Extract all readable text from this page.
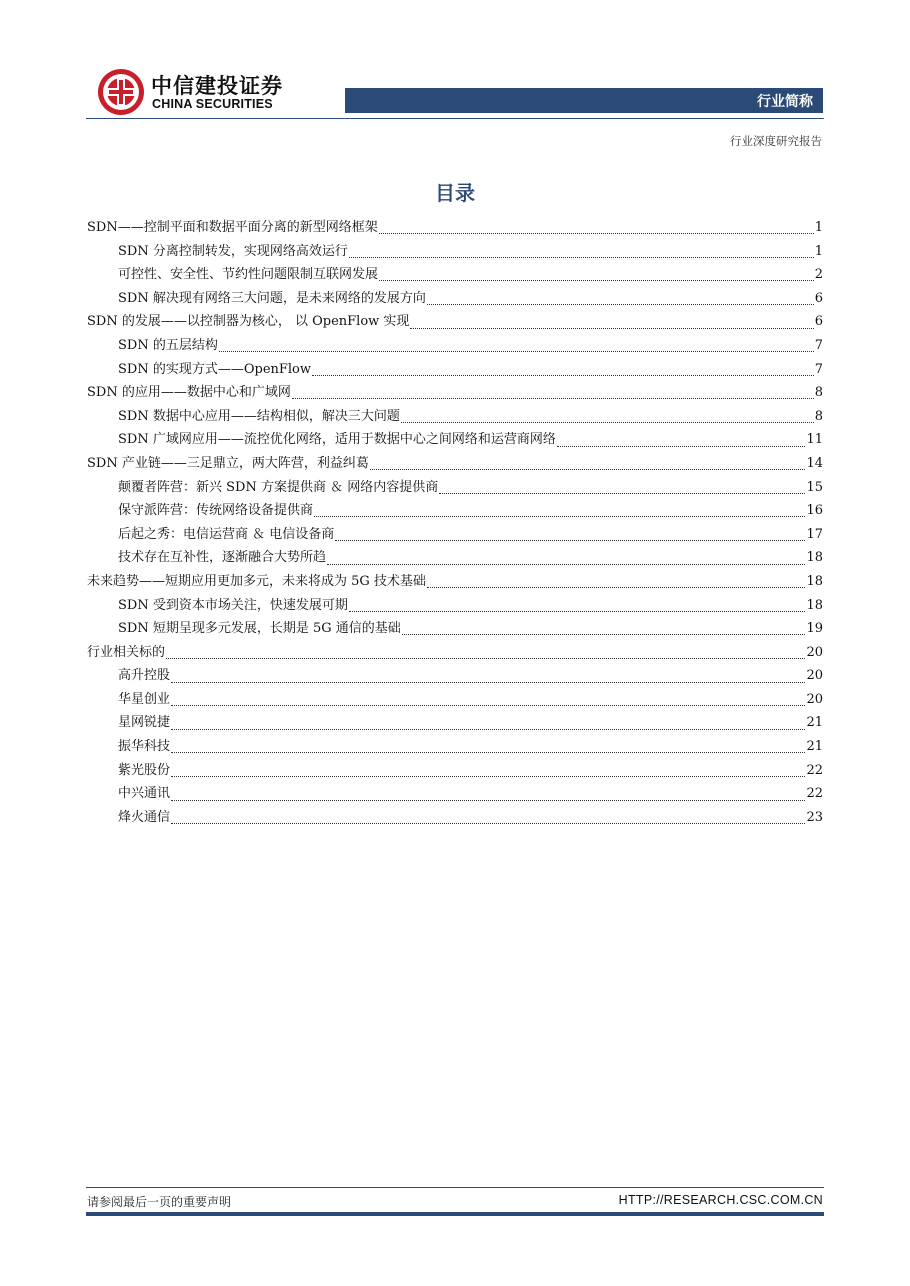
中信建投证券
CHINA SECURITIES	行业简称
行业深度研究报告
目录
SDN——控制平面和数据平面分离的新型网络框架	1
SDN 分离控制转发，实现网络高效运行	1
可控性、安全性、节约性问题限制互联网发展	2
SDN 解决现有网络三大问题，是未来网络的发展方向	6
SDN 的发展——以控制器为核心， 以 OpenFlow 实现	6
SDN 的五层结构	7
SDN 的实现方式——OpenFlow	7
SDN 的应用——数据中心和广域网	8
SDN 数据中心应用——结构相似，解决三大问题	8
SDN 广域网应用——流控优化网络，适用于数据中心之间网络和运营商网络	11
SDN 产业链——三足鼎立，两大阵营，利益纠葛	14
颠覆者阵营：新兴 SDN 方案提供商 ＆ 网络内容提供商	15
保守派阵营：传统网络设备提供商	16
后起之秀：电信运营商 ＆ 电信设备商	17
技术存在互补性，逐渐融合大势所趋	18
未来趋势——短期应用更加多元，未来将成为 5G 技术基础	18
SDN 受到资本市场关注，快速发展可期	18
SDN 短期呈现多元发展，长期是 5G 通信的基础	19
行业相关标的	20
高升控股	20
华星创业	20
星网锐捷	21
振华科技	21
紫光股份	22
中兴通讯	22
烽火通信	23
请参阅最后一页的重要声明	HTTP://RESEARCH.CSC.COM.CN
